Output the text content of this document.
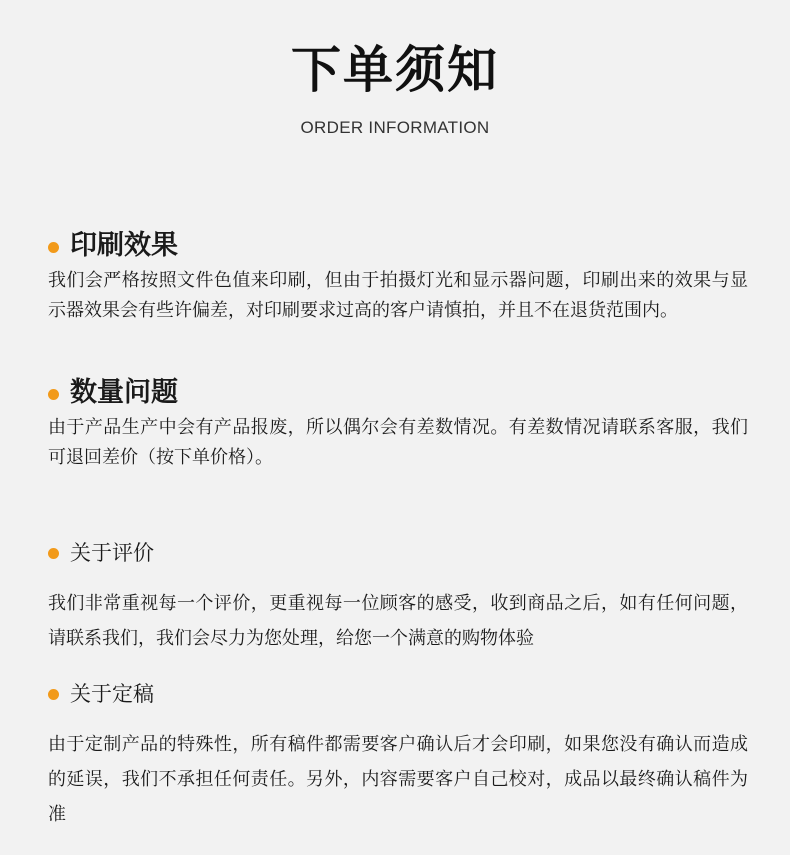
下单须知
ORDER INFORMATION
印刷效果
我们会严格按照文件色值来印刷，但由于拍摄灯光和显示器问题，印刷出来的效果与显示器效果会有些许偏差，对印刷要求过高的客户请慎拍，并且不在退货范围内。
数量问题
由于产品生产中会有产品报废，所以偶尔会有差数情况。有差数情况请联系客服，我们可退回差价（按下单价格）。
关于评价
我们非常重视每一个评价，更重视每一位顾客的感受，收到商品之后，如有任何问题，请联系我们，我们会尽力为您处理，给您一个满意的购物体验
关于定稿
由于定制产品的特殊性，所有稿件都需要客户确认后才会印刷，如果您没有确认而造成的延误，我们不承担任何责任。另外，内容需要客户自己校对，成品以最终确认稿件为准
